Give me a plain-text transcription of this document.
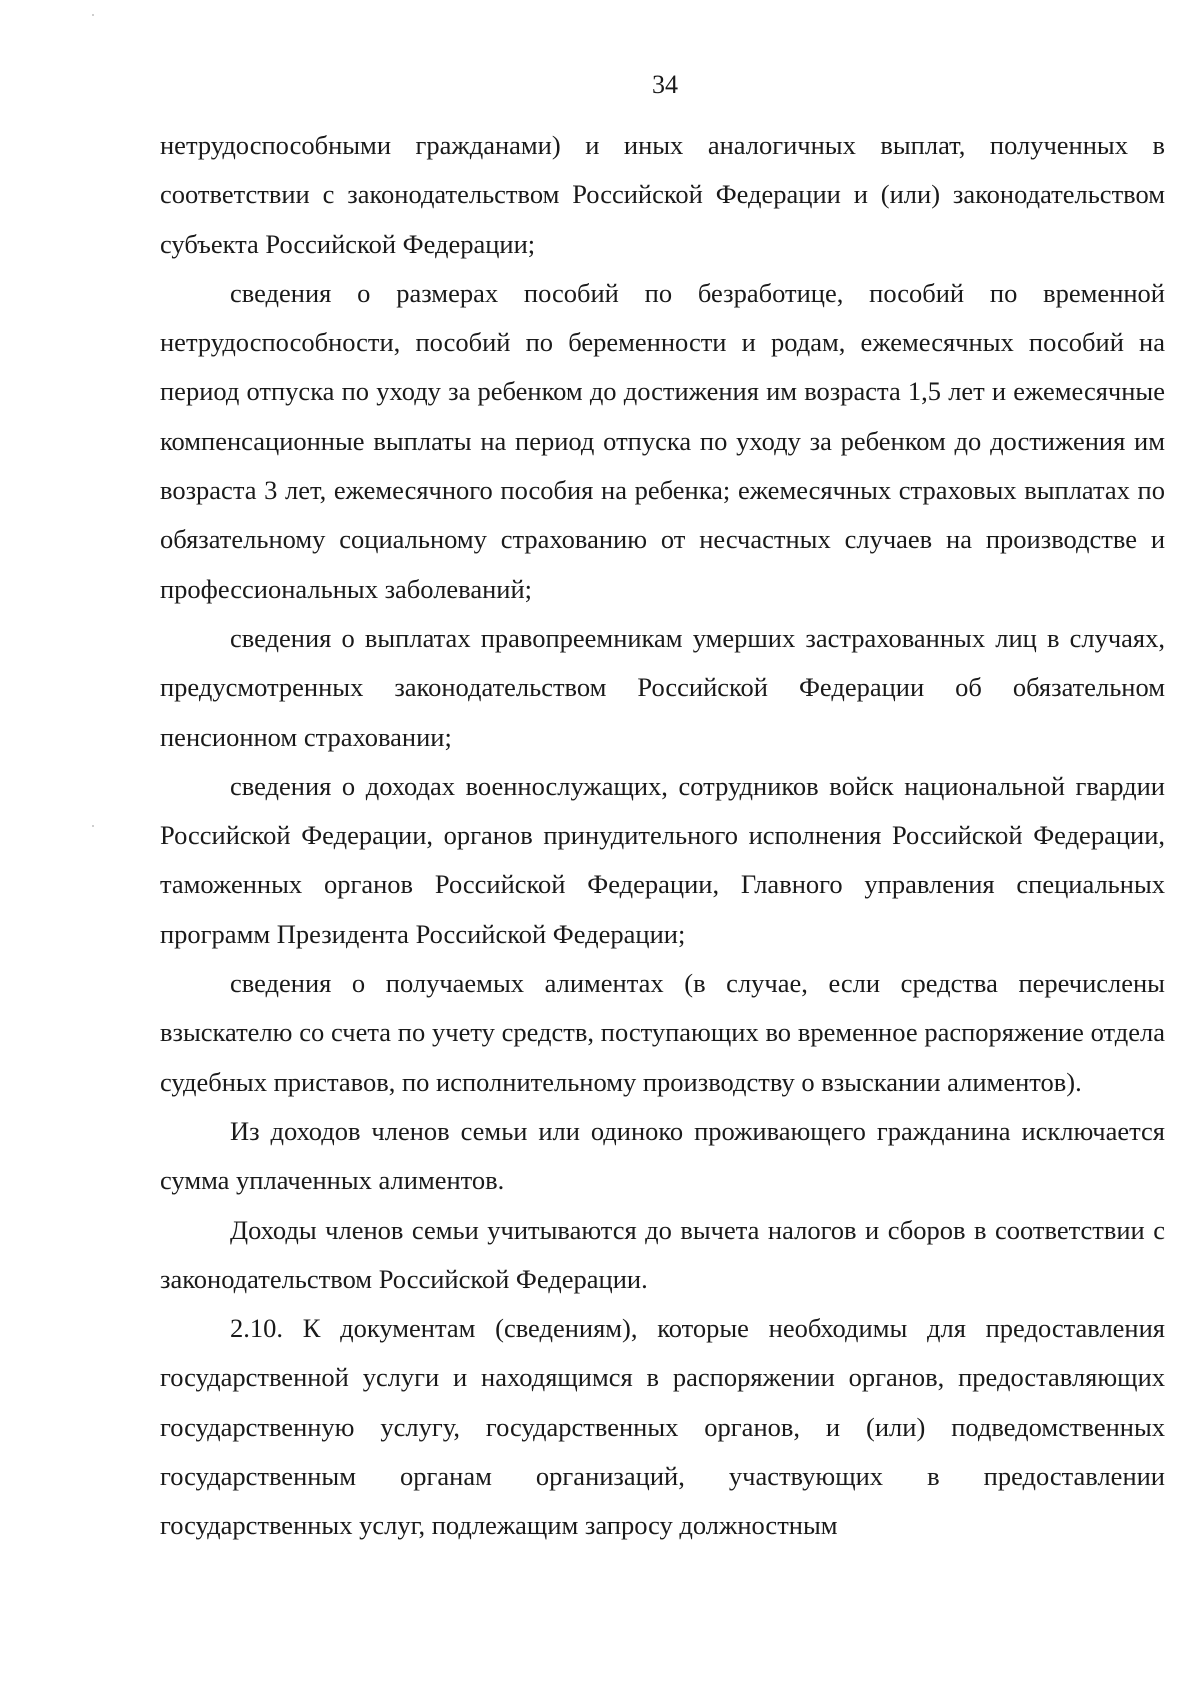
34

нетрудоспособными гражданами) и иных аналогичных выплат, полученных в соответствии с законодательством Российской Федерации и (или) законодательством субъекта Российской Федерации;

сведения о размерах пособий по безработице, пособий по временной нетрудоспособности, пособий по беременности и родам, ежемесячных пособий на период отпуска по уходу за ребенком до достижения им возраста 1,5 лет и ежемесячные компенсационные выплаты на период отпуска по уходу за ребенком до достижения им возраста 3 лет, ежемесячного пособия на ребенка; ежемесячных страховых выплатах по обязательному социальному страхованию от несчастных случаев на производстве и профессиональных заболеваний;

сведения о выплатах правопреемникам умерших застрахованных лиц в случаях, предусмотренных законодательством Российской Федерации об обязательном пенсионном страховании;

сведения о доходах военнослужащих, сотрудников войск национальной гвардии Российской Федерации, органов принудительного исполнения Российской Федерации, таможенных органов Российской Федерации, Главного управления специальных программ Президента Российской Федерации;

сведения о получаемых алиментах (в случае, если средства перечислены взыскателю со счета по учету средств, поступающих во временное распоряжение отдела судебных приставов, по исполнительному производству о взыскании алиментов).

Из доходов членов семьи или одиноко проживающего гражданина исключается сумма уплаченных алиментов.

Доходы членов семьи учитываются до вычета налогов и сборов в соответствии с законодательством Российской Федерации.

2.10. К документам (сведениям), которые необходимы для предоставления государственной услуги и находящимся в распоряжении органов, предоставляющих государственную услугу, государственных органов, и (или) подведомственных государственным органам организаций, участвующих в предоставлении государственных услуг, подлежащим запросу должностным
